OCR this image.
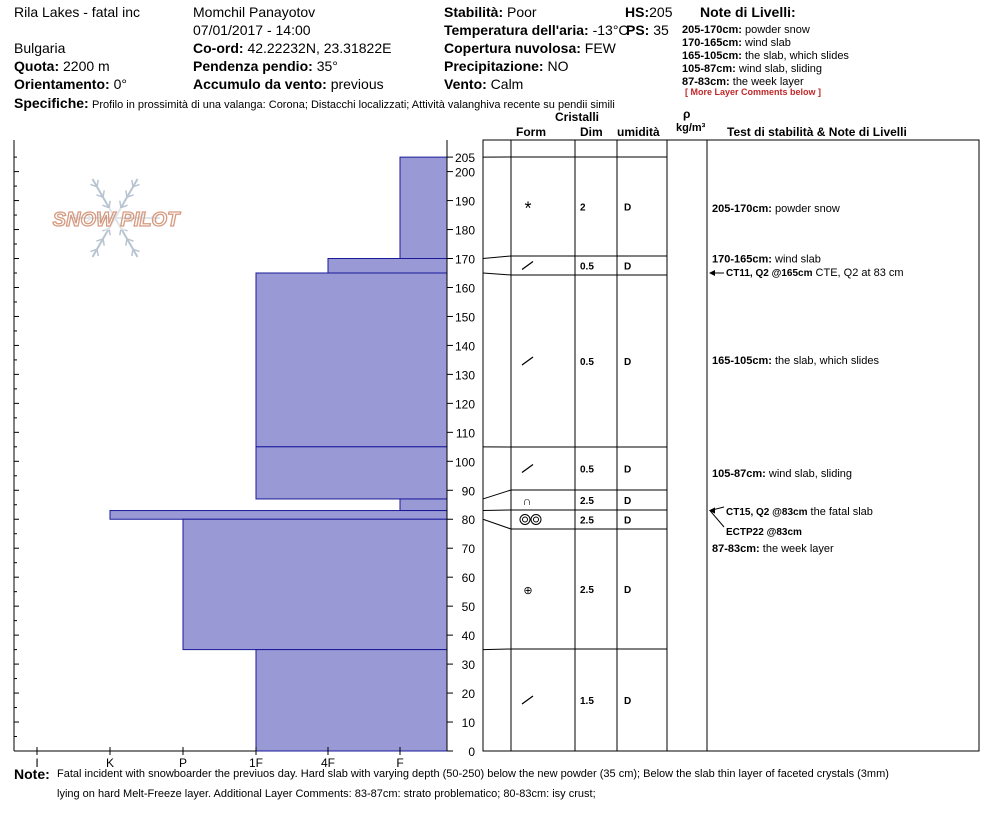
Rila Lakes - fatal inc
Bulgaria
Quota: 2200 m
Orientamento: 0°
Momchil Panayotov
07/01/2017 - 14:00
Co-ord: 42.22232N, 23.31822E
Pendenza pendio: 35°
Accumulo da vento: previous
Stabilità: Poor
Temperatura dell'aria: -13°C
Copertura nuvolosa: FEW
Precipitazione: NO
Vento: Calm
HS:205
PS: 35
Note di Livelli:
205-170cm: powder snow
170-165cm: wind slab
165-105cm: the slab, which slides
105-87cm: wind slab, sliding
87-83cm: the week layer
[ More Layer Comments below ]
Specifiche: Profilo in prossimità di una valanga: Corona; Distacchi localizzati; Attività valanghiva recente su pendii simili
Cristalli
Form	Dim umidità
ρ
kg/m³ Test di stabilità & Note di Livelli
SNOW PILOT
I	K	P	1F	4F	F
0
10
20
30
40
50
60
70
80
90
100
110
120
130
140
150
160
170
180
190
200
205
*	2	D
0.5	D
0.5	D
0.5	D
∩	2.5	D
2.5	D
⊕	2.5	D
1.5	D
205-170cm: powder snow
170-165cm: wind slab
165-105cm: the slab, which slides
105-87cm: wind slab, sliding
87-83cm: the week layer
CT11, Q2 @165cm CTE, Q2 at 83 cm
CT15, Q2 @83cm the fatal slab
ECTP22 @83cm
Note: Fatal incident with snowboarder the previuos day. Hard slab with varying depth (50-250) below the new powder (35 cm); Below the slab thin layer of faceted crystals (3mm)
lying on hard Melt-Freeze layer. Additional Layer Comments: 83-87cm: strato problematico; 80-83cm: isy crust;
